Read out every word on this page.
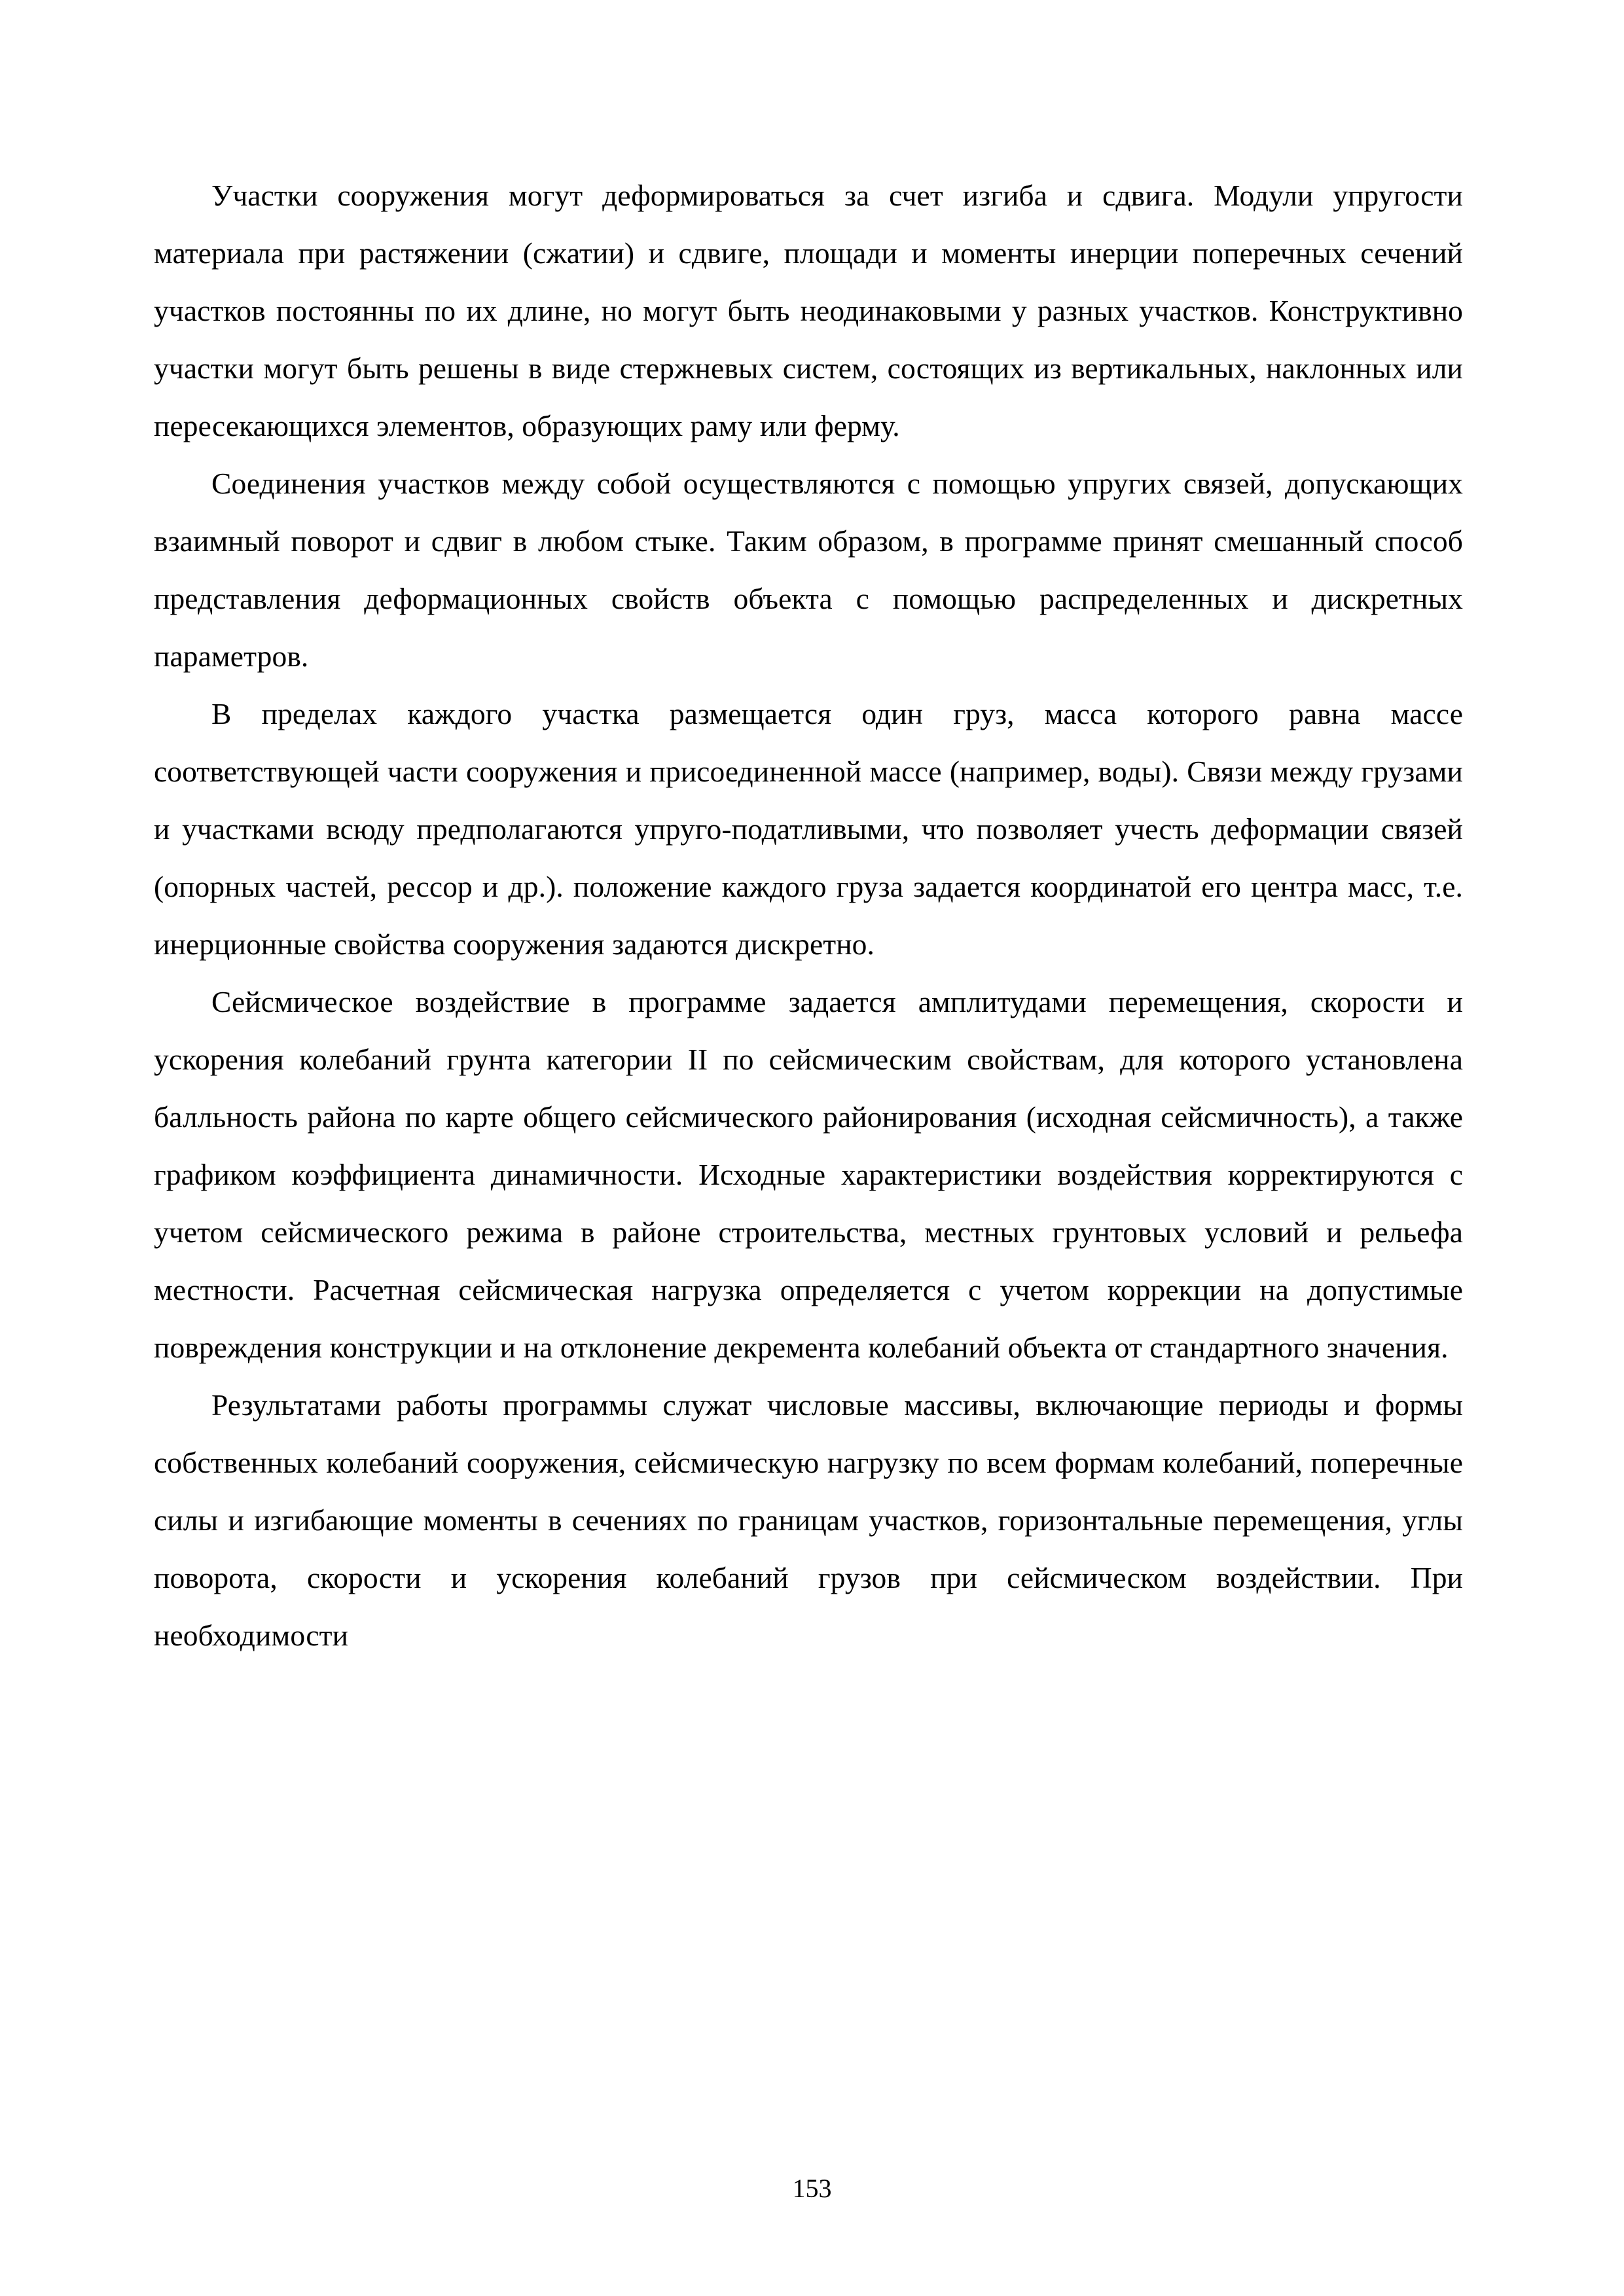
Участки сооружения могут деформироваться за счет изгиба и сдвига. Модули упругости материала при растяжении (сжатии) и сдвиге, площади и моменты инерции поперечных сечений участков постоянны по их длине, но могут быть неодинаковыми у разных участков. Конструктивно участки могут быть решены в виде стержневых систем, состоящих из вертикальных, наклонных или пересекающихся элементов, образующих раму или ферму.

Соединения участков между собой осуществляются с помощью упругих связей, допускающих взаимный поворот и сдвиг в любом стыке. Таким образом, в программе принят смешанный способ представления деформационных свойств объекта с помощью распределенных и дискретных параметров.

В пределах каждого участка размещается один груз, масса которого равна массе соответствующей части сооружения и присоединенной массе (например, воды). Связи между грузами и участками всюду предполагаются упруго-податливыми, что позволяет учесть деформации связей (опорных частей, рессор и др.). положение каждого груза задается координатой его центра масс, т.е. инерционные свойства сооружения задаются дискретно.

Сейсмическое воздействие в программе задается амплитудами перемещения, скорости и ускорения колебаний грунта категории II по сейсмическим свойствам, для которого установлена балльность района по карте общего сейсмического районирования (исходная сейсмичность), а также графиком коэффициента динамичности. Исходные характеристики воздействия корректируются с учетом сейсмического режима в районе строительства, местных грунтовых условий и рельефа местности. Расчетная сейсмическая нагрузка определяется с учетом коррекции на допустимые повреждения конструкции и на отклонение декремента колебаний объекта от стандартного значения.

Результатами работы программы служат числовые массивы, включающие периоды и формы собственных колебаний сооружения, сейсмическую нагрузку по всем формам колебаний, поперечные силы и изгибающие моменты в сечениях по границам участков, горизонтальные перемещения, углы поворота, скорости и ускорения колебаний грузов при сейсмическом воздействии. При необходимости

153
